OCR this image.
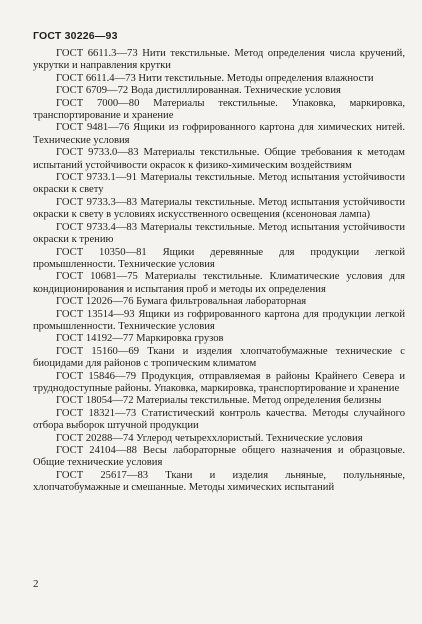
ГОСТ 30226—93

ГОСТ 6611.3—73 Нити текстильные. Метод определения числа кручений, укрутки и направления крутки

ГОСТ 6611.4—73 Нити текстильные. Методы определения влажности

ГОСТ 6709—72 Вода дистиллированная. Технические условия

ГОСТ 7000—80 Материалы текстильные. Упаковка, маркировка, транспортирование и хранение

ГОСТ 9481—76 Ящики из гофрированного картона для химических нитей. Технические условия

ГОСТ 9733.0—83 Материалы текстильные. Общие требования к методам испытаний устойчивости окрасок к физико-химическим воздействиям

ГОСТ 9733.1—91 Материалы текстильные. Метод испытания устойчивости окраски к свету

ГОСТ 9733.3—83 Материалы текстильные. Метод испытания устойчивости окраски к свету в условиях искусственного освещения (ксеноновая лампа)

ГОСТ 9733.4—83 Материалы текстильные. Метод испытания устойчивости окраски к трению

ГОСТ 10350—81 Ящики деревянные для продукции легкой промышленности. Технические условия

ГОСТ 10681—75 Материалы текстильные. Климатические условия для кондиционирования и испытания проб и методы их определения

ГОСТ 12026—76 Бумага фильтровальная лабораторная

ГОСТ 13514—93 Ящики из гофрированного картона для продукции легкой промышленности. Технические условия

ГОСТ 14192—77 Маркировка грузов

ГОСТ 15160—69 Ткани и изделия хлопчатобумажные технические с биоцидами для районов с тропическим климатом

ГОСТ 15846—79 Продукция, отправляемая в районы Крайнего Севера и труднодоступные районы. Упаковка, маркировка, транспортирование и хранение

ГОСТ 18054—72 Материалы текстильные. Метод определения белизны

ГОСТ 18321—73 Статистический контроль качества. Методы случайного отбора выборок штучной продукции

ГОСТ 20288—74 Углерод четыреххлористый. Технические условия

ГОСТ 24104—88 Весы лабораторные общего назначения и образцовые. Общие технические условия

ГОСТ 25617—83 Ткани и изделия льняные, полульняные, хлопчатобумажные и смешанные. Методы химических испытаний

2
